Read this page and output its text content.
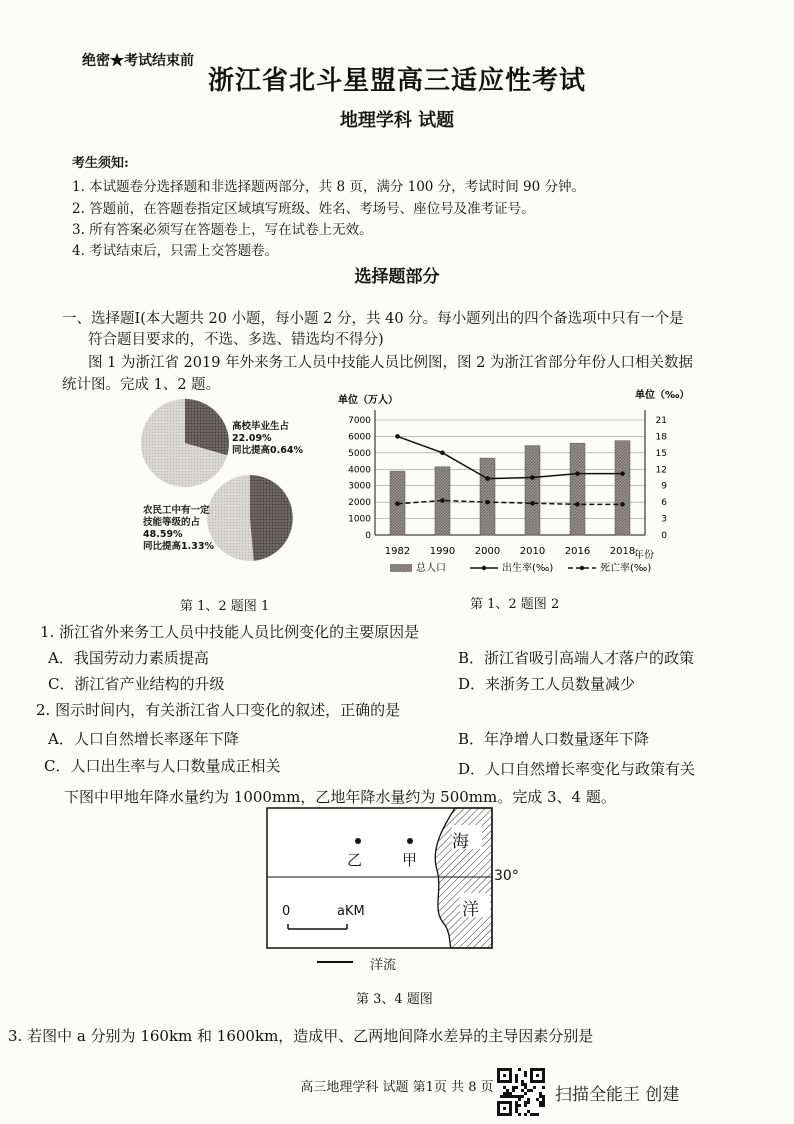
绝密★考试结束前
浙江省北斗星盟高三适应性考试
地理学科 试题
考生须知:
1. 本试题卷分选择题和非选择题两部分，共 8 页，满分 100 分，考试时间 90 分钟。
2. 答题前，在答题卷指定区域填写班级、姓名、考场号、座位号及准考证号。
3. 所有答案必须写在答题卷上，写在试卷上无效。
4. 考试结束后，只需上交答题卷。
选择题部分
一、选择题Ⅰ(本大题共 20 小题，每小题 2 分，共 40 分。每小题列出的四个备选项中只有一个是
符合题目要求的，不选、多选、错选均不得分)
图 1 为浙江省 2019 年外来务工人员中技能人员比例图，图 2 为浙江省部分年份人口相关数据
统计图。完成 1、2 题。
高校毕业生占
22.09%
同比提高0.64%
农民工中有一定
技能等级的占
48.59%
同比提高1.33%
第 1、2 题图 1
单位（万人）	单位（‰）
年份
0
1000
2000
3000
4000
5000
6000
7000
0
3
6
9
12
15
18
21
1982 1990 2000 2010 2016 2018
总人口	出生率(‰)	死亡率(‰)
第 1、2 题图 2
1. 浙江省外来务工人员中技能人员比例变化的主要原因是
A．我国劳动力素质提高	B．浙江省吸引高端人才落户的政策
C．浙江省产业结构的升级	D．来浙务工人员数量减少
2. 图示时间内，有关浙江省人口变化的叙述，正确的是
A．人口自然增长率逐年下降	B．年净增人口数量逐年下降
C．人口出生率与人口数量成正相关	D．人口自然增长率变化与政策有关
下图中甲地年降水量约为 1000mm，乙地年降水量约为 500mm。完成 3、4 题。
乙	甲
海
洋
30°
0	aKM
洋流
第 3、4 题图
3. 若图中 a 分别为 160km 和 1600km，造成甲、乙两地间降水差异的主导因素分别是
高三地理学科 试题 第1页 共 8 页	扫描全能王 创建
